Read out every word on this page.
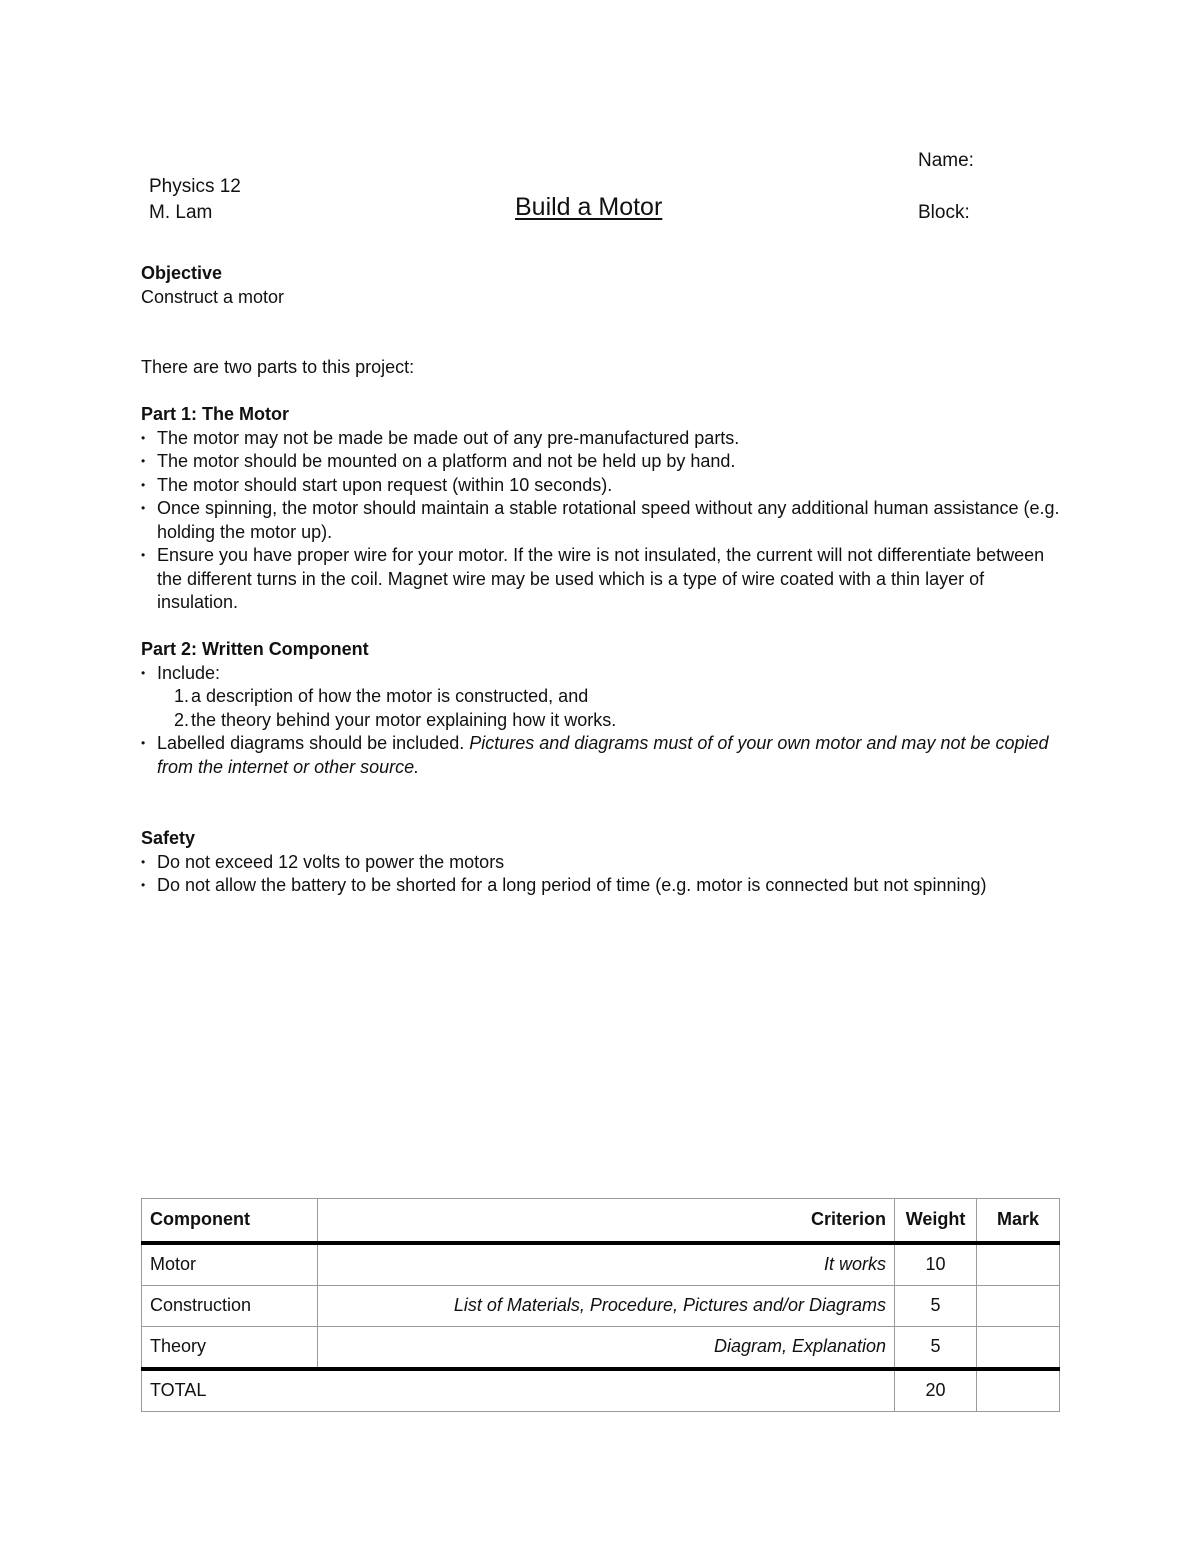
Name:
Physics 12
M. Lam	Build a Motor	Block:
Objective
Construct a motor
There are two parts to this project:
Part 1: The Motor
• The motor may not be made be made out of any pre-manufactured parts.
• The motor should be mounted on a platform and not be held up by hand.
• The motor should start upon request (within 10 seconds).
• Once spinning, the motor should maintain a stable rotational speed without any additional human assistance (e.g. holding the motor up).
• Ensure you have proper wire for your motor. If the wire is not insulated, the current will not differentiate between the different turns in the coil. Magnet wire may be used which is a type of wire coated with a thin layer of insulation.
Part 2: Written Component
• Include:
1. a description of how the motor is constructed, and
2. the theory behind your motor explaining how it works.
• Labelled diagrams should be included. Pictures and diagrams must of of your own motor and may not be copied from the internet or other source.
Safety
• Do not exceed 12 volts to power the motors
• Do not allow the battery to be shorted for a long period of time (e.g. motor is connected but not spinning)
Component	Criterion	Weight	Mark
Motor	It works	10	
Construction	List of Materials, Procedure, Pictures and/or Diagrams	5	
Theory	Diagram, Explanation	5	
TOTAL		20	
